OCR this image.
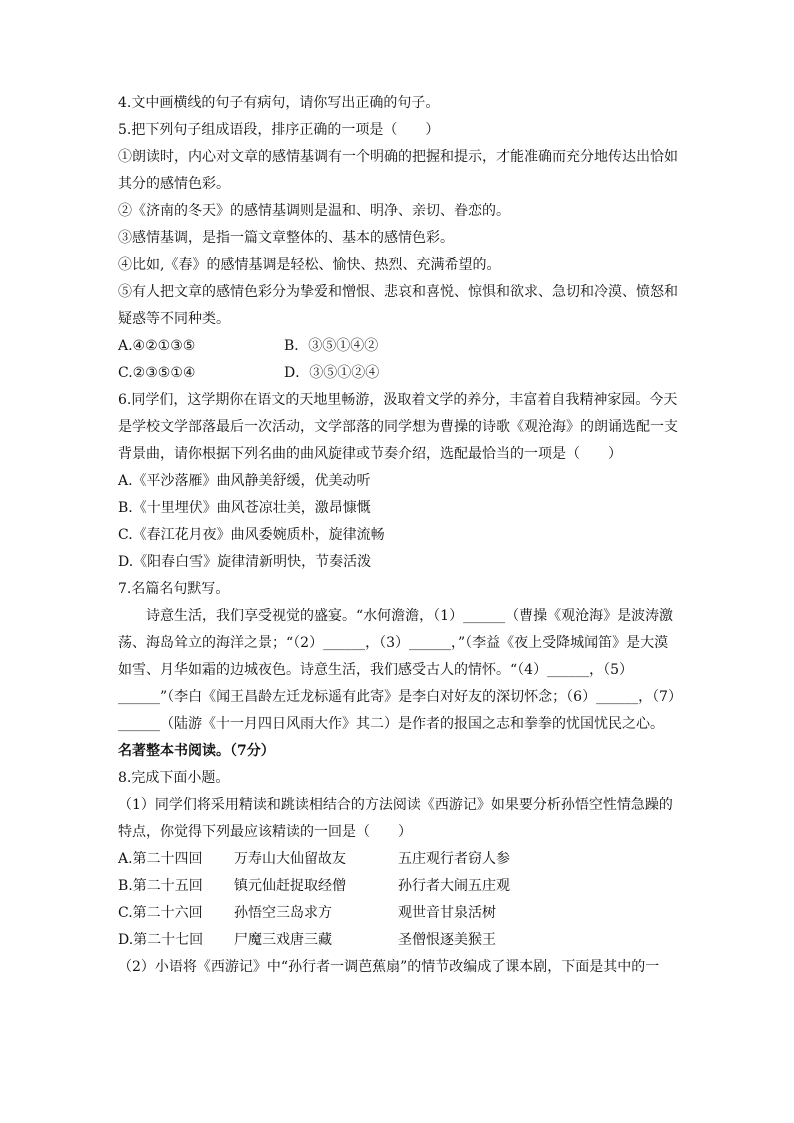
4.文中画横线的句子有病句，请你写出正确的句子。

5.把下列句子组成语段，排序正确的一项是（　　）

①朗读时，内心对文章的感情基调有一个明确的把握和提示，才能准确而充分地传达出恰如其分的感情色彩。

②《济南的冬天》的感情基调则是温和、明净、亲切、眷恋的。

③感情基调，是指一篇文章整体的、基本的感情色彩。

④比如,《春》的感情基调是轻松、愉快、热烈、充满希望的。

⑤有人把文章的感情色彩分为挚爱和憎恨、悲哀和喜悦、惊惧和欲求、急切和冷漠、愤怒和疑惑等不同种类。

A.④②①③⑤	B．③⑤①④②
C.②③⑤①④	D．③⑤①②④

6.同学们，这学期你在语文的天地里畅游，汲取着文学的养分，丰富着自我精神家园。今天是学校文学部落最后一次活动，文学部落的同学想为曹操的诗歌《观沧海》的朗诵选配一支背景曲，请你根据下列名曲的曲风旋律或节奏介绍，选配最恰当的一项是（　　）

A.《平沙落雁》曲风静美舒缓，优美动听

B.《十里埋伏》曲风苍凉壮美，激昂慷慨

C.《春江花月夜》曲风委婉质朴，旋律流畅

D.《阳春白雪》旋律清新明快，节奏活泼

7.名篇名句默写。

诗意生活，我们享受视觉的盛宴。“水何澹澹，（1）______（曹操《观沧海》是波涛激荡、海岛耸立的海洋之景；“（2）______，（3）______，”（李益《夜上受降城闻笛》是大漠如雪、月华如霜的边城夜色。诗意生活，我们感受古人的情怀。“（4）______，（5）______”（李白《闻王昌龄左迁龙标遥有此寄》是李白对好友的深切怀念；（6）______，（7）______（陆游《十一月四日风雨大作》其二）是作者的报国之志和拳拳的忧国忧民之心。

名著整本书阅读。（7分）

8.完成下面小题。

（1）同学们将采用精读和跳读相结合的方法阅读《西游记》如果要分析孙悟空性情急躁的特点，你觉得下列最应该精读的一回是（　　）

A.第二十四回	万寿山大仙留故友	五庄观行者窃人参
B.第二十五回	镇元仙赶捉取经僧	孙行者大闹五庄观
C.第二十六回	孙悟空三岛求方	观世音甘泉活树
D.第二十七回	尸魔三戏唐三藏	圣僧恨逐美猴王

（2）小语将《西游记》中“孙行者一调芭蕉扇”的情节改编成了课本剧，下面是其中的一
